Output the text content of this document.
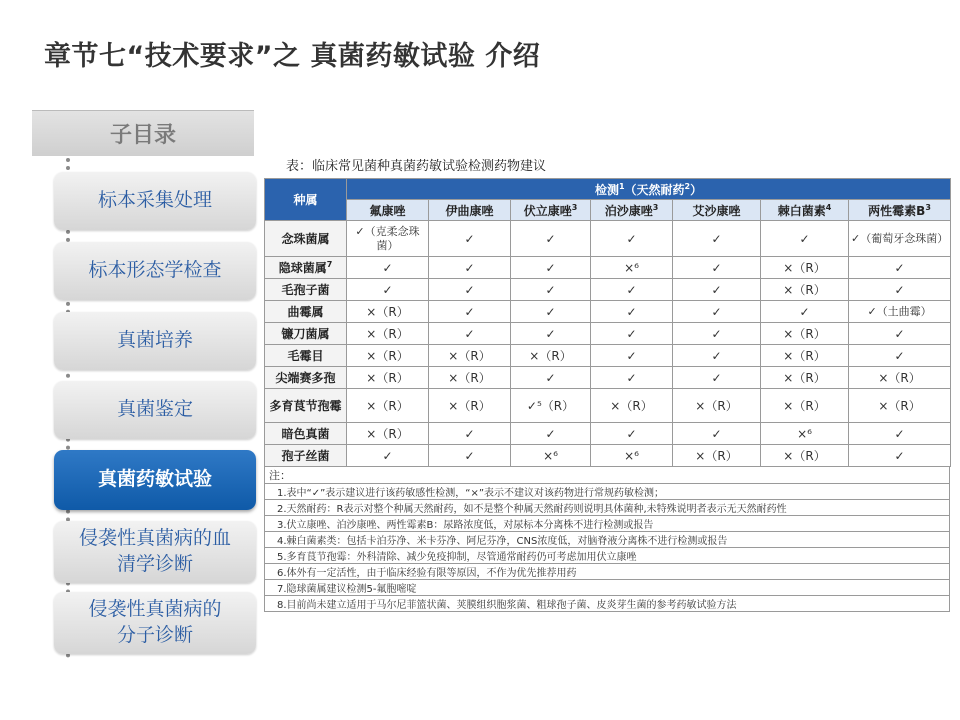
章节七“技术要求”之 真菌药敏试验 介绍
子目录
标本采集处理
标本形态学检查
真菌培养
真菌鉴定
真菌药敏试验
侵袭性真菌病的血清学诊断
侵袭性真菌病的分子诊断
表：临床常见菌种真菌药敏试验检测药物建议
种属	检测$^1$（天然耐药$^2$）						
	氟康唑	伊曲康唑	伏立康唑$^3$	泊沙康唑$^3$	艾沙康唑	棘白菌素$^4$	两性霉素$B^3$
念珠菌属	✓（克柔念珠菌）	✓	✓	✓	✓	✓	✓（葡萄牙念珠菌）
隐球菌属$^7$	✓	✓	✓	×⁶	✓	×（R）	✓
毛孢子菌	✓	✓	✓	✓	✓	×（R）	✓
曲霉属	×（R）	✓	✓	✓	✓	✓	✓（土曲霉）
镰刀菌属	×（R）	✓	✓	✓	✓	×（R）	✓
毛霉目	×（R）	×（R）	×（R）	✓	✓	×（R）	✓
尖端赛多孢	×（R）	×（R）	✓	✓	✓	×（R）	×（R）
多育茛节孢霉	×（R）	×（R）	✓⁵（R）	×（R）	×（R）	×（R）	×（R）
暗色真菌	×（R）	✓	✓	✓	✓	×⁶	✓
孢子丝菌	✓	✓	×⁶	×⁶	×（R）	×（R）	✓
注：
1.表中“✓”表示建议进行该药敏感性检测，“×”表示不建议对该药物进行常规药敏检测；
2.天然耐药：R表示对整个种属天然耐药，如不是整个种属天然耐药则说明具体菌种,未特殊说明者表示无天然耐药性
3.伏立康唑、泊沙康唑、两性霉素B：尿路浓度低，对尿标本分离株不进行检测或报告
4.棘白菌素类：包括卡泊芬净、米卡芬净、阿尼芬净，CNS浓度低，对脑脊液分离株不进行检测或报告
5.多育茛节孢霉：外科清除、减少免疫抑制，尽管通常耐药仍可考虑加用伏立康唑
6.体外有一定活性，由于临床经验有限等原因，不作为优先推荐用药
7.隐球菌属建议检测5-氟胞嘧啶
8.目前尚未建立适用于马尔尼菲篮状菌、荚膜组织胞浆菌、粗球孢子菌、皮炎芽生菌的参考药敏试验方法
